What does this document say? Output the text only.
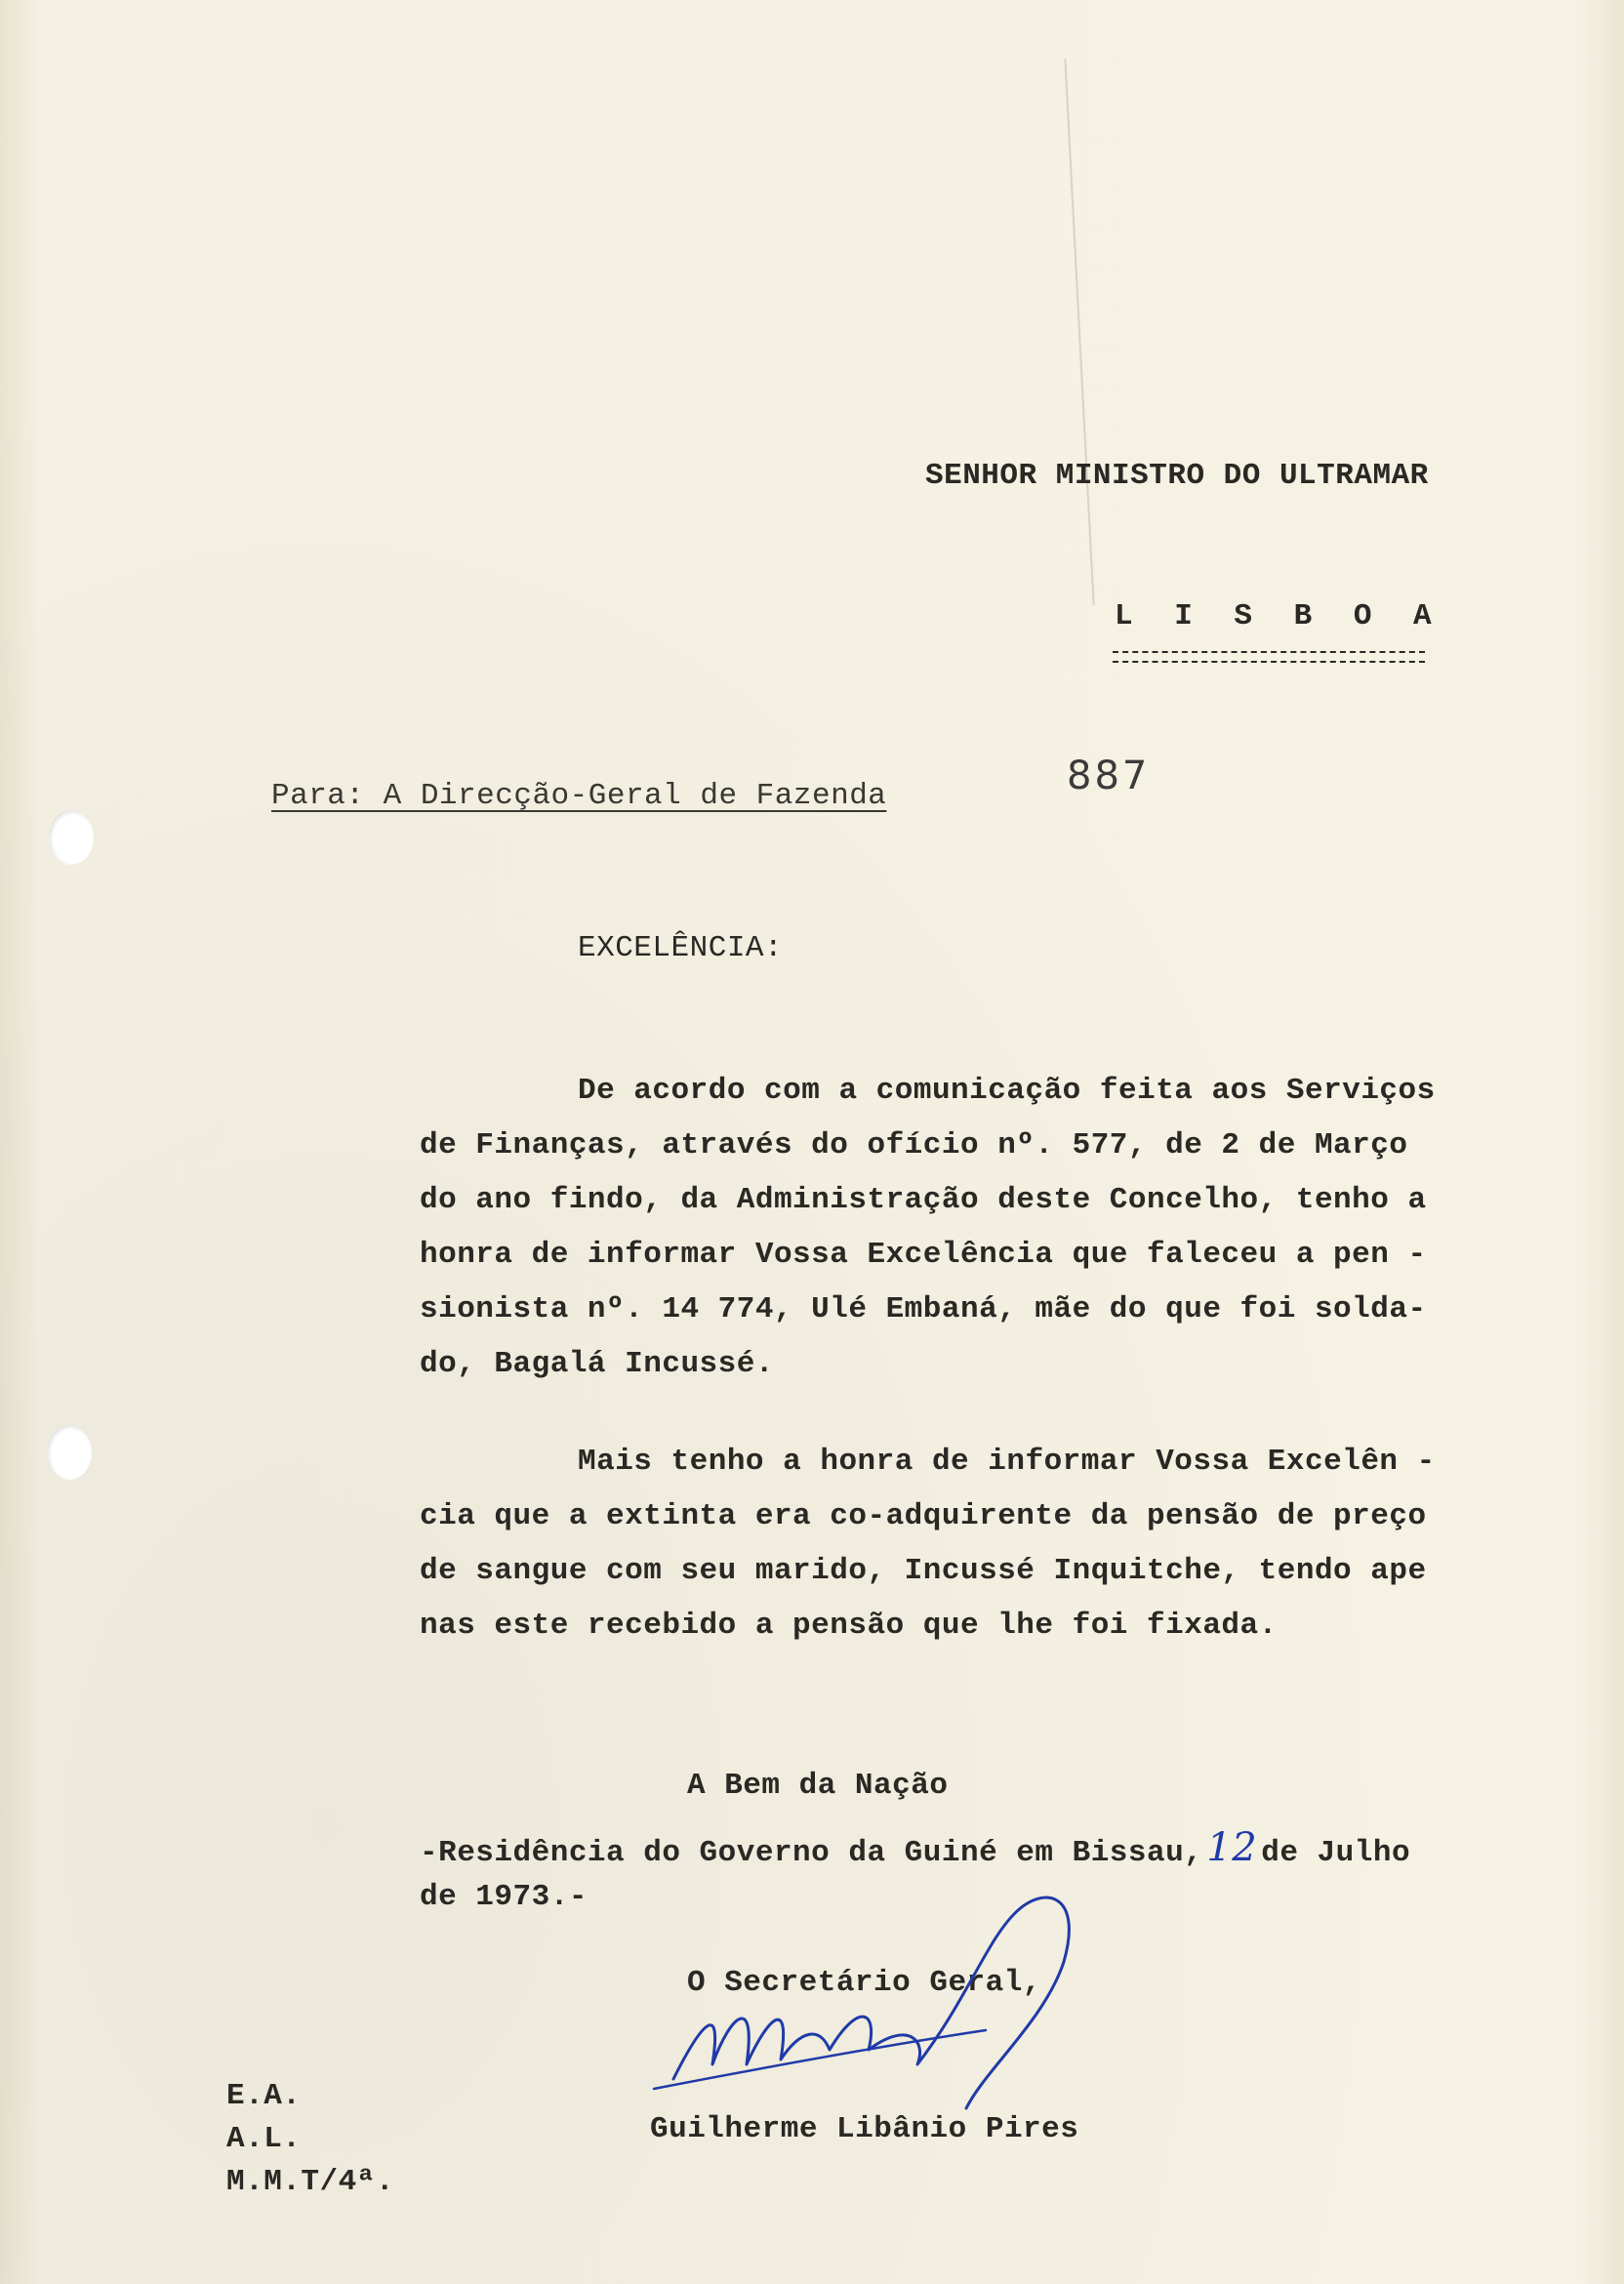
SENHOR MINISTRO DO ULTRAMAR
L I S B O A
Para: A Direcção-Geral de Fazenda	887
EXCELÊNCIA:
De acordo com a comunicação feita aos Serviços
de Finanças, através do ofício nº. 577, de 2 de Março
do ano findo, da Administração deste Concelho, tenho a
honra de informar Vossa Excelência que faleceu a pen -
sionista nº. 14 774, Ulé Embaná, mãe do que foi solda-
do, Bagalá Incussé.
Mais tenho a honra de informar Vossa Excelên -
cia que a extinta era co-adquirente da pensão de preço
de sangue com seu marido, Incussé Inquitche, tendo ape
nas este recebido a pensão que lhe foi fixada.
A Bem da Nação
-Residência do Governo da Guiné em Bissau, 12 de Julho
de 1973.-
O Secretário Geral,
Guilherme Libânio Pires
E.A.
A.L.
M.M.T/4ª.
